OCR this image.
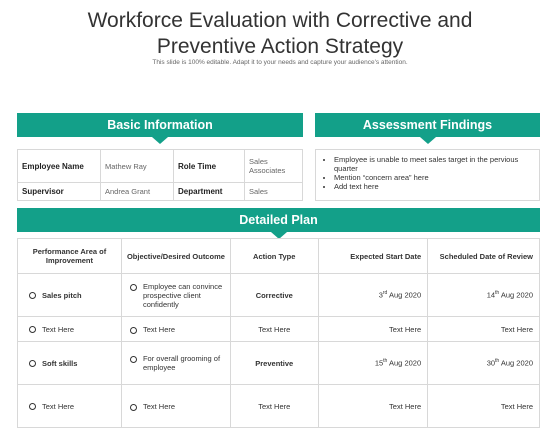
Workforce Evaluation with Corrective and
Preventive Action Strategy
This slide is 100% editable. Adapt it to your needs and capture your audience's attention.
Basic Information	Assessment Findings
Employee Name	Mathew Ray	Role Time	Sales Associates
Supervisor	Andrea Grant	Department	Sales
• Employee is unable to meet sales target in the pervious quarter
• Mention “concern area” here
• Add text here
Detailed Plan
Performance Area of Improvement	Objective/Desired Outcome	Action Type	Expected Start Date	Scheduled Date of Review
Sales pitch	Employee can convince prospective client confidently	Corrective	3rd Aug 2020	14th Aug 2020
Text Here	Text Here	Text Here	Text Here	Text Here
Soft skills	For overall grooming of employee	Preventive	15th Aug 2020	30th Aug 2020
Text Here	Text Here	Text Here	Text Here	Text Here
